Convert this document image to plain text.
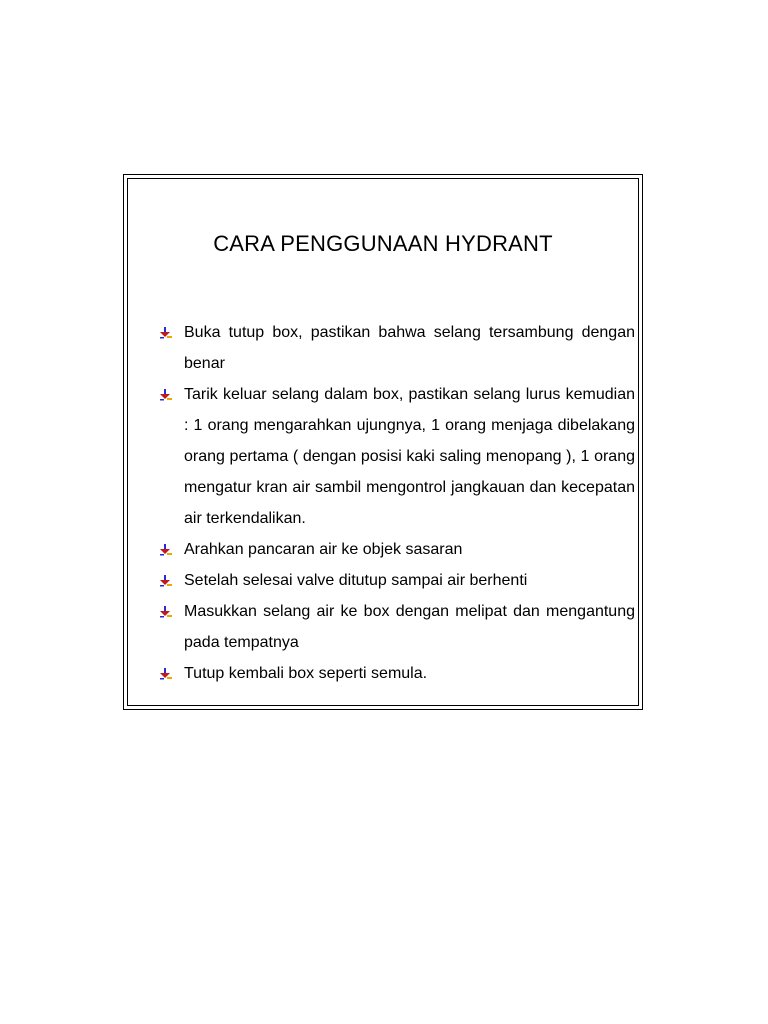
CARA PENGGUNAAN HYDRANT
Buka tutup box, pastikan bahwa selang tersambung dengan benar
Tarik keluar selang dalam box, pastikan selang lurus kemudian : 1 orang mengarahkan ujungnya, 1 orang menjaga dibelakang orang pertama ( dengan posisi kaki saling menopang ), 1 orang mengatur kran air sambil mengontrol jangkauan dan kecepatan air terkendalikan.
Arahkan pancaran air ke objek sasaran
Setelah selesai valve ditutup sampai air berhenti
Masukkan selang air ke box dengan melipat dan mengantung pada tempatnya
Tutup kembali box seperti semula.
